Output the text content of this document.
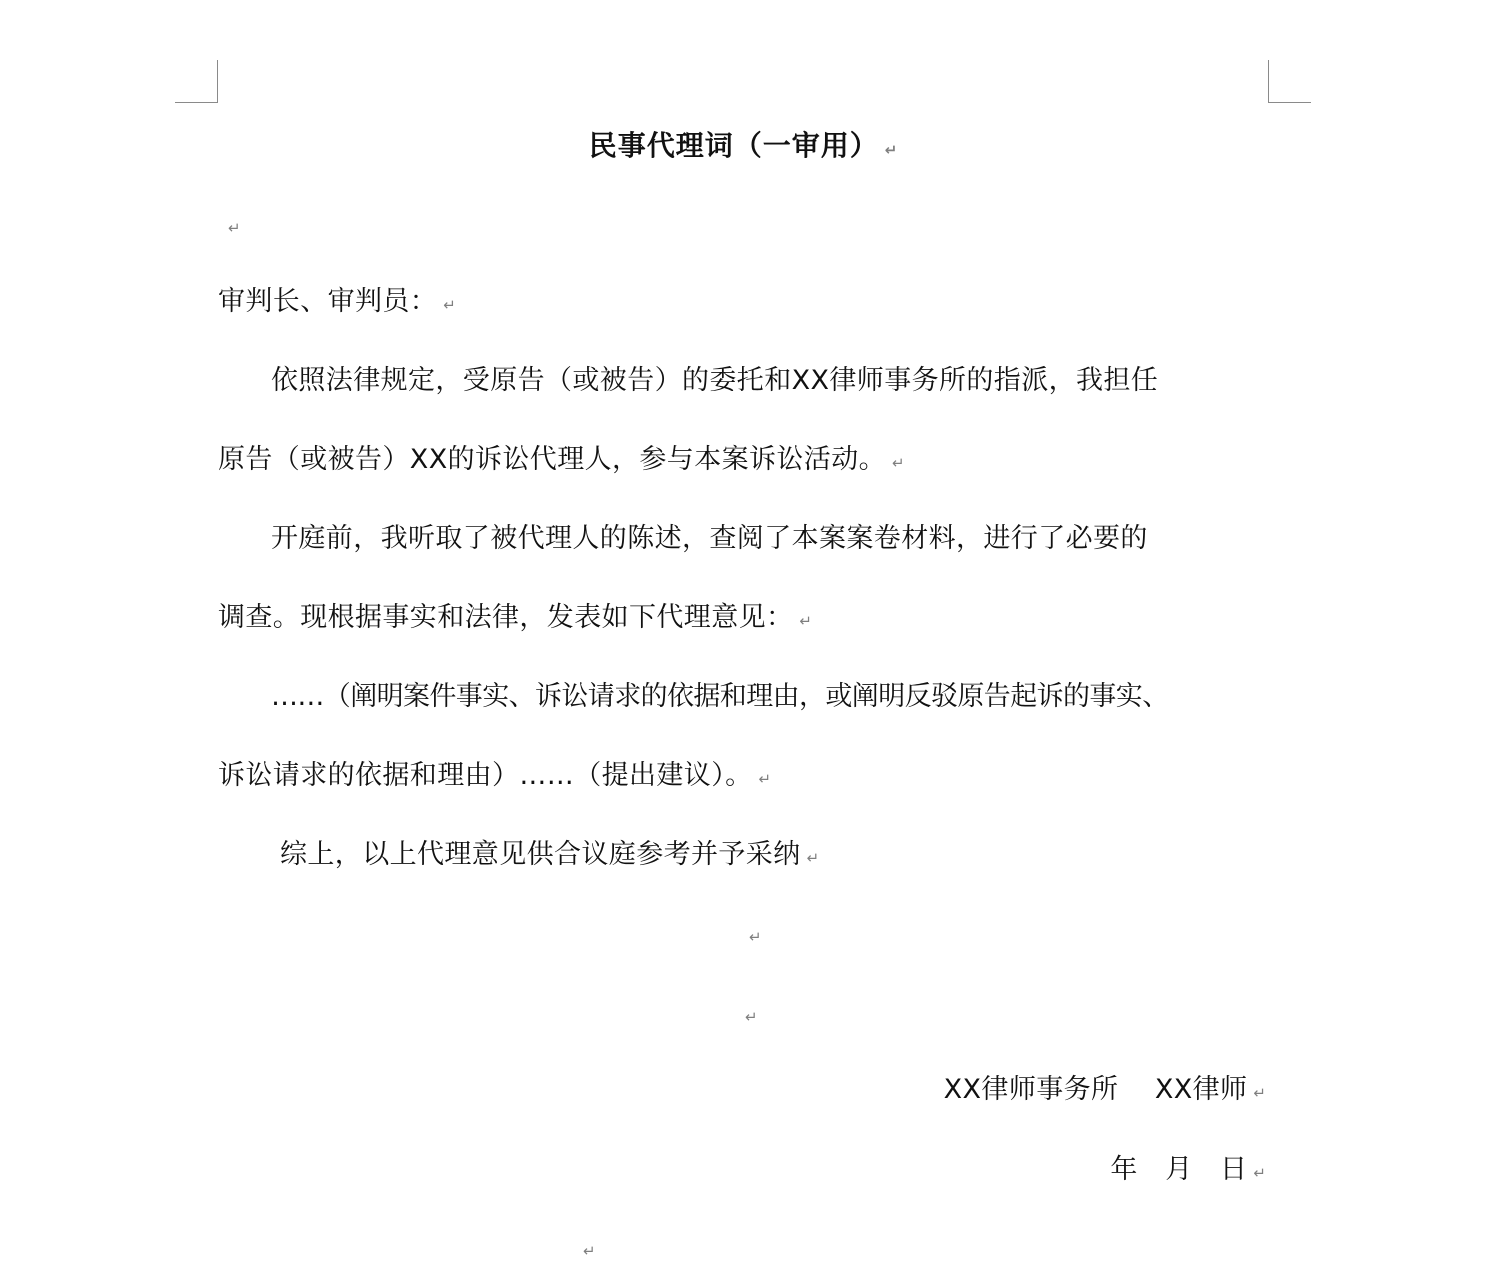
民事代理词（一审用） ↵
↵
审判长、审判员： ↵
依照法律规定，受原告（或被告）的委托和XX律师事务所的指派，我担任
原告（或被告）XX的诉讼代理人，参与本案诉讼活动。 ↵
开庭前，我听取了被代理人的陈述，查阅了本案案卷材料，进行了必要的
调查。现根据事实和法律，发表如下代理意见： ↵
……（阐明案件事实、诉讼请求的依据和理由，或阐明反驳原告起诉的事实、
诉讼请求的依据和理由）……（提出建议）。 ↵
综上，以上代理意见供合议庭参考并予采纳 ↵
↵
↵
XX律师事务所　 XX律师 ↵
年　月　日 ↵
↵
